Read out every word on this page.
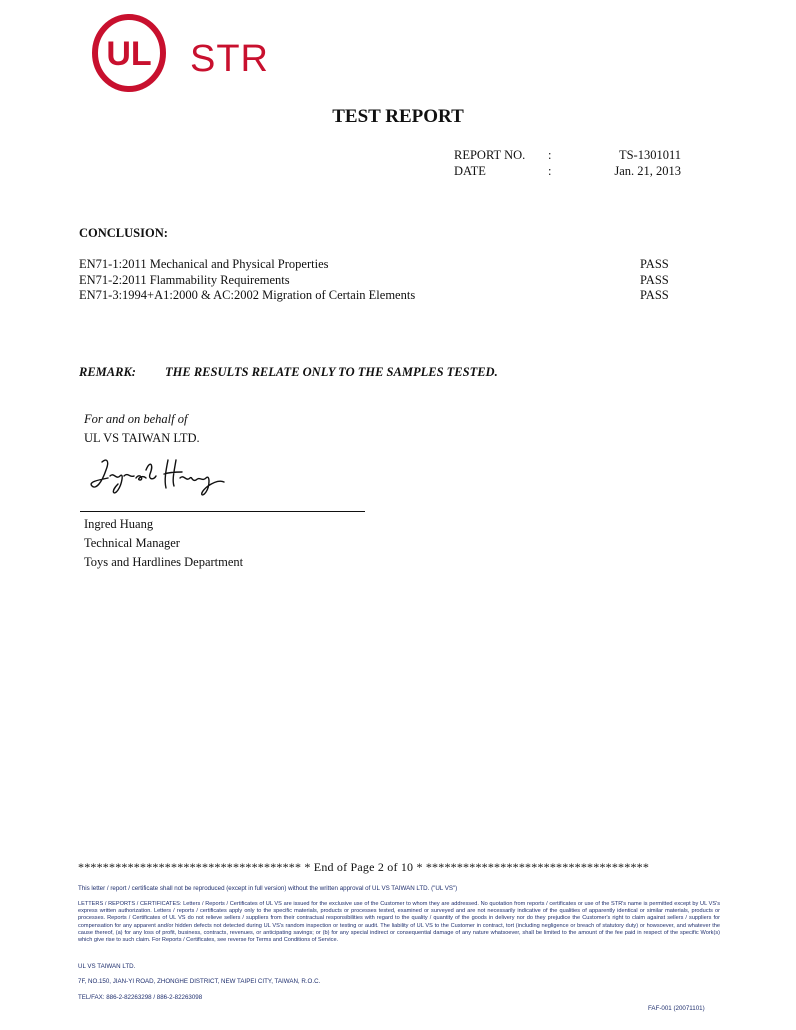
UL STR
TEST REPORT
REPORT NO. :	TS-1301011
DATE	:	Jan. 21, 2013
CONCLUSION:
EN71-1:2011 Mechanical and Physical Properties	PASS
EN71-2:2011 Flammability Requirements	PASS
EN71-3:1994+A1:2000 & AC:2002 Migration of Certain Elements	PASS
REMARK: THE RESULTS RELATE ONLY TO THE SAMPLES TESTED.
For and on behalf of
UL VS TAIWAN LTD.
Ingred Huang
Technical Manager
Toys and Hardlines Department
************************************ * End of Page 2 of 10 * ************************************
This letter / report / certificate shall not be reproduced (except in full version) without the written approval of UL VS TAIWAN LTD. ("UL VS")
LETTERS / REPORTS / CERTIFICATES: Letters / Reports / Certificates of UL VS are issued for the exclusive use of the Customer to whom they are addressed. No quotation from reports / certificates or use of the STR's name is permitted except by UL VS's express written authorization. Letters / reports / certificates apply only to the specific materials, products or processes tested, examined or surveyed and are not necessarily indicative of the qualities of apparently identical or similar materials, products or processes. Reports / Certificates of UL VS do not relieve sellers / suppliers from their contractual responsibilities with regard to the quality / quantity of the goods in delivery nor do they prejudice the Customer's right to claim against sellers / suppliers for compensation for any apparent and/or hidden defects not detected during UL VS's random inspection or testing or audit. The liability of UL VS to the Customer in contract, tort (including negligence or breach of statutory duty) or howsoever, and whatever the cause thereof, (a) for any loss of profit, business, contracts, revenues, or anticipating savings; or (b) for any special indirect or consequential damage of any nature whatsoever, shall be limited to the amount of the fee paid in respect of the specific Work(s) which give rise to such claim. For Reports / Certificates, see reverse for Terms and Conditions of Service.
UL VS TAIWAN LTD.
7F, NO.150, JIAN-YI ROAD, ZHONGHE DISTRICT, NEW TAIPEI CITY, TAIWAN, R.O.C.
TEL/FAX: 886-2-82263298 / 886-2-82263098
FAF-001 (20071101)
